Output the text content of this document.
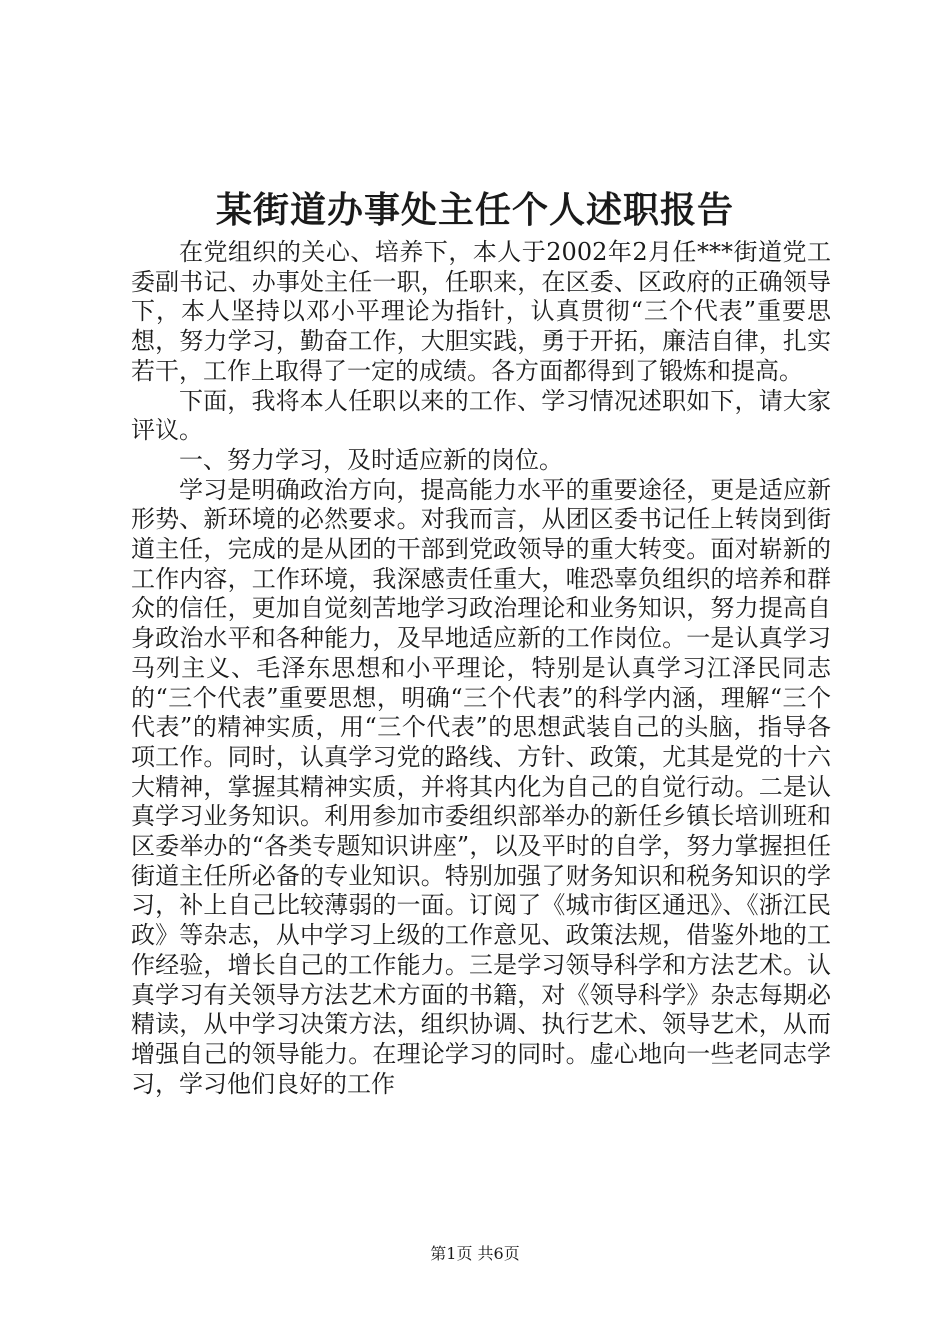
某街道办事处主任个人述职报告

在党组织的关心、培养下，本人于2002年2月任***街道党工委副书记、办事处主任一职，任职来，在区委、区政府的正确领导下，本人坚持以邓小平理论为指针，认真贯彻“三个代表”重要思想，努力学习，勤奋工作，大胆实践，勇于开拓，廉洁自律，扎实若干，工作上取得了一定的成绩。各方面都得到了锻炼和提高。

下面，我将本人任职以来的工作、学习情况述职如下，请大家评议。

一、努力学习，及时适应新的岗位。

学习是明确政治方向，提高能力水平的重要途径，更是适应新形势、新环境的必然要求。对我而言，从团区委书记任上转岗到街道主任，完成的是从团的干部到党政领导的重大转变。面对崭新的工作内容，工作环境，我深感责任重大，唯恐辜负组织的培养和群众的信任，更加自觉刻苦地学习政治理论和业务知识，努力提高自身政治水平和各种能力，及早地适应新的工作岗位。一是认真学习马列主义、毛泽东思想和小平理论，特别是认真学习江泽民同志的“三个代表”重要思想，明确“三个代表”的科学内涵，理解“三个代表”的精神实质，用“三个代表”的思想武装自己的头脑，指导各项工作。同时，认真学习党的路线、方针、政策，尤其是党的十六大精神，掌握其精神实质，并将其内化为自己的自觉行动。二是认真学习业务知识。利用参加市委组织部举办的新任乡镇长培训班和区委举办的“各类专题知识讲座”，以及平时的自学，努力掌握担任街道主任所必备的专业知识。特别加强了财务知识和税务知识的学习，补上自己比较薄弱的一面。订阅了《城市街区通迅》、《浙江民政》等杂志，从中学习上级的工作意见、政策法规，借鉴外地的工作经验，增长自己的工作能力。三是学习领导科学和方法艺术。认真学习有关领导方法艺术方面的书籍，对《领导科学》杂志每期必精读，从中学习决策方法，组织协调、执行艺术、领导艺术，从而增强自己的领导能力。在理论学习的同时。虚心地向一些老同志学习，学习他们良好的工作

第1页 共6页
